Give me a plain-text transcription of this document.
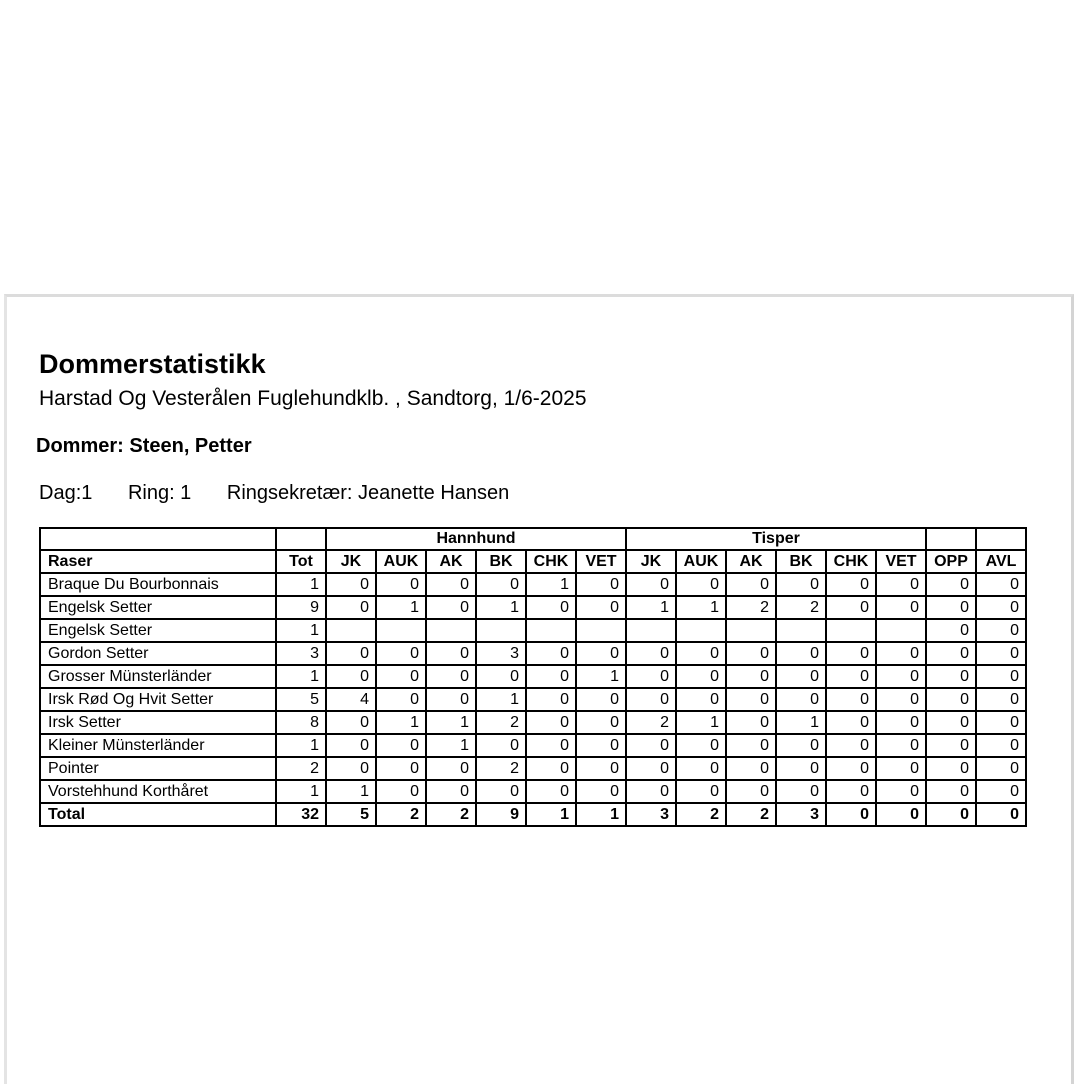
Dommerstatistikk

Harstad Og Vesterålen Fuglehundklb. , Sandtorg, 1/6-2025

Dommer: Steen, Petter

Dag:1 Ring: 1 Ringsekretær: Jeanette Hansen

		Hannhund						Tisper							
Raser	Tot	JK	AUK	AK	BK	CHK	VET	JK	AUK	AK	BK	CHK	VET	OPP	AVL
Braque Du Bourbonnais	1	0	0	0	0	1	0	0	0	0	0	0	0	0	0
Engelsk Setter	9	0	1	0	1	0	0	1	1	2	2	0	0	0	0
Engelsk Setter	1													0	0
Gordon Setter	3	0	0	0	3	0	0	0	0	0	0	0	0	0	0
Grosser Münsterländer	1	0	0	0	0	0	1	0	0	0	0	0	0	0	0
Irsk Rød Og Hvit Setter	5	4	0	0	1	0	0	0	0	0	0	0	0	0	0
Irsk Setter	8	0	1	1	2	0	0	2	1	0	1	0	0	0	0
Kleiner Münsterländer	1	0	0	1	0	0	0	0	0	0	0	0	0	0	0
Pointer	2	0	0	0	2	0	0	0	0	0	0	0	0	0	0
Vorstehhund Korthåret	1	1	0	0	0	0	0	0	0	0	0	0	0	0	0
Total	32	5	2	2	9	1	1	3	2	2	3	0	0	0	0
